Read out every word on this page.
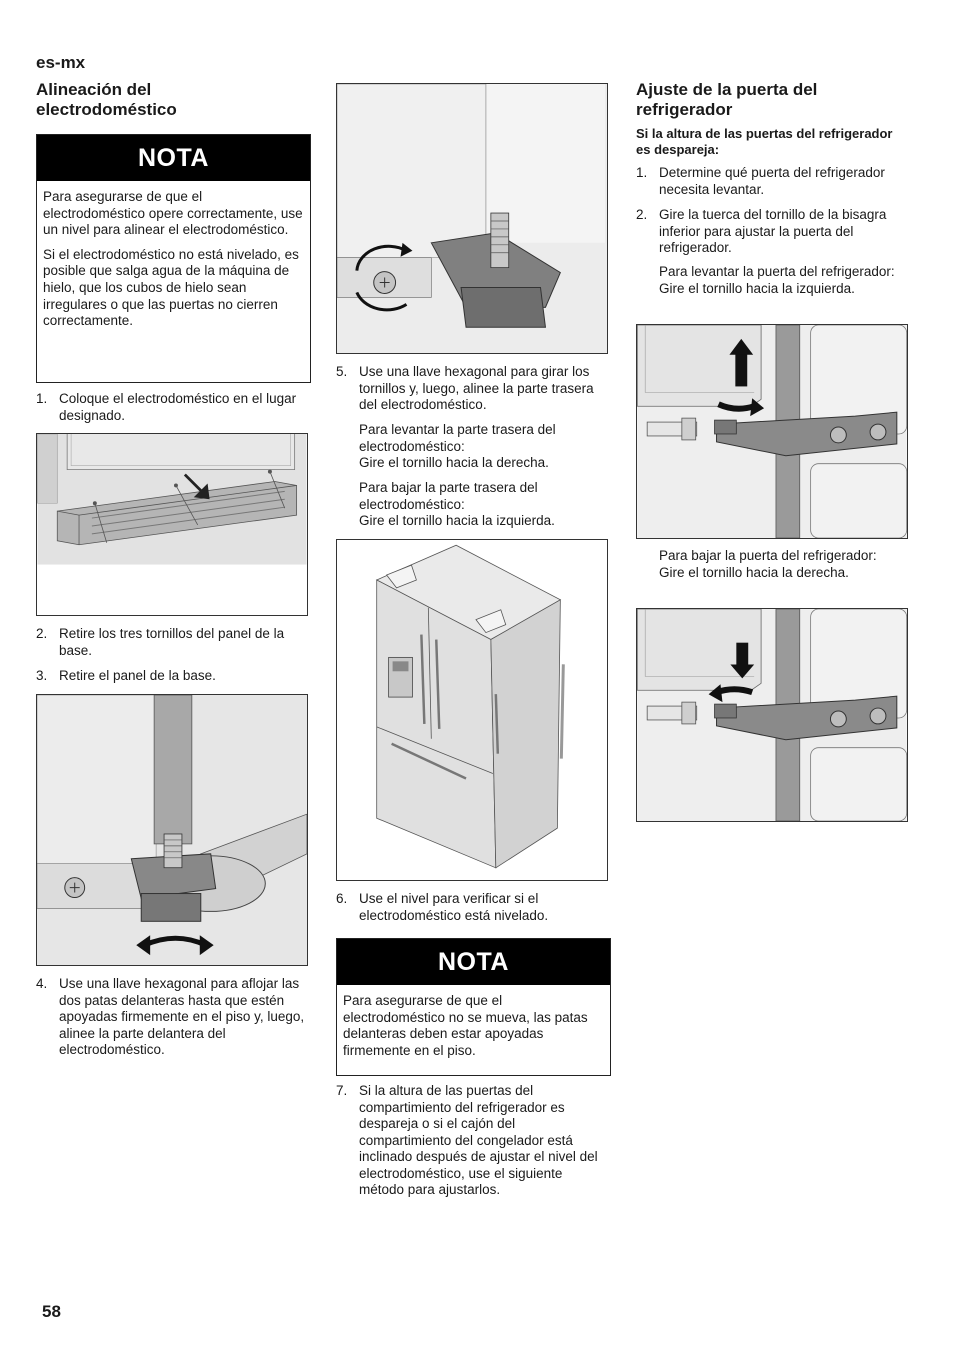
es-mx
Alineación del electrodoméstico
NOTA

Para asegurarse de que el electrodoméstico opere correctamente, use un nivel para alinear el electrodoméstico.

Si el electrodoméstico no está nivelado, es posible que salga agua de la máquina de hielo, que los cubos de hielo sean irregulares o que las puertas no cierren correctamente.

1. Coloque el electrodoméstico en el lugar designado.
2. Retire los tres tornillos del panel de la base.
3. Retire el panel de la base.
4. Use una llave hexagonal para aflojar las dos patas delanteras hasta que estén apoyadas firmemente en el piso y, luego, alinee la parte delantera del electrodoméstico.
5. Use una llave hexagonal para girar los tornillos y, luego, alinee la parte trasera del electrodoméstico.
Para levantar la parte trasera del electrodoméstico:
Gire el tornillo hacia la derecha.
Para bajar la parte trasera del electrodoméstico:
Gire el tornillo hacia la izquierda.
6. Use el nivel para verificar si el electrodoméstico está nivelado.
NOTA

Para asegurarse de que el electrodoméstico no se mueva, las patas delanteras deben estar apoyadas firmemente en el piso.

7. Si la altura de las puertas del compartimiento del refrigerador es despareja o si el cajón del compartimiento del congelador está inclinado después de ajustar el nivel del electrodoméstico, use el siguiente método para ajustarlos.
Ajuste de la puerta del refrigerador

Si la altura de las puertas del refrigerador es despareja:

1. Determine qué puerta del refrigerador necesita levantar.
2. Gire la tuerca del tornillo de la bisagra inferior para ajustar la puerta del refrigerador.
Para levantar la puerta del refrigerador:
Gire el tornillo hacia la izquierda.
Para bajar la puerta del refrigerador:
Gire el tornillo hacia la derecha.
58
